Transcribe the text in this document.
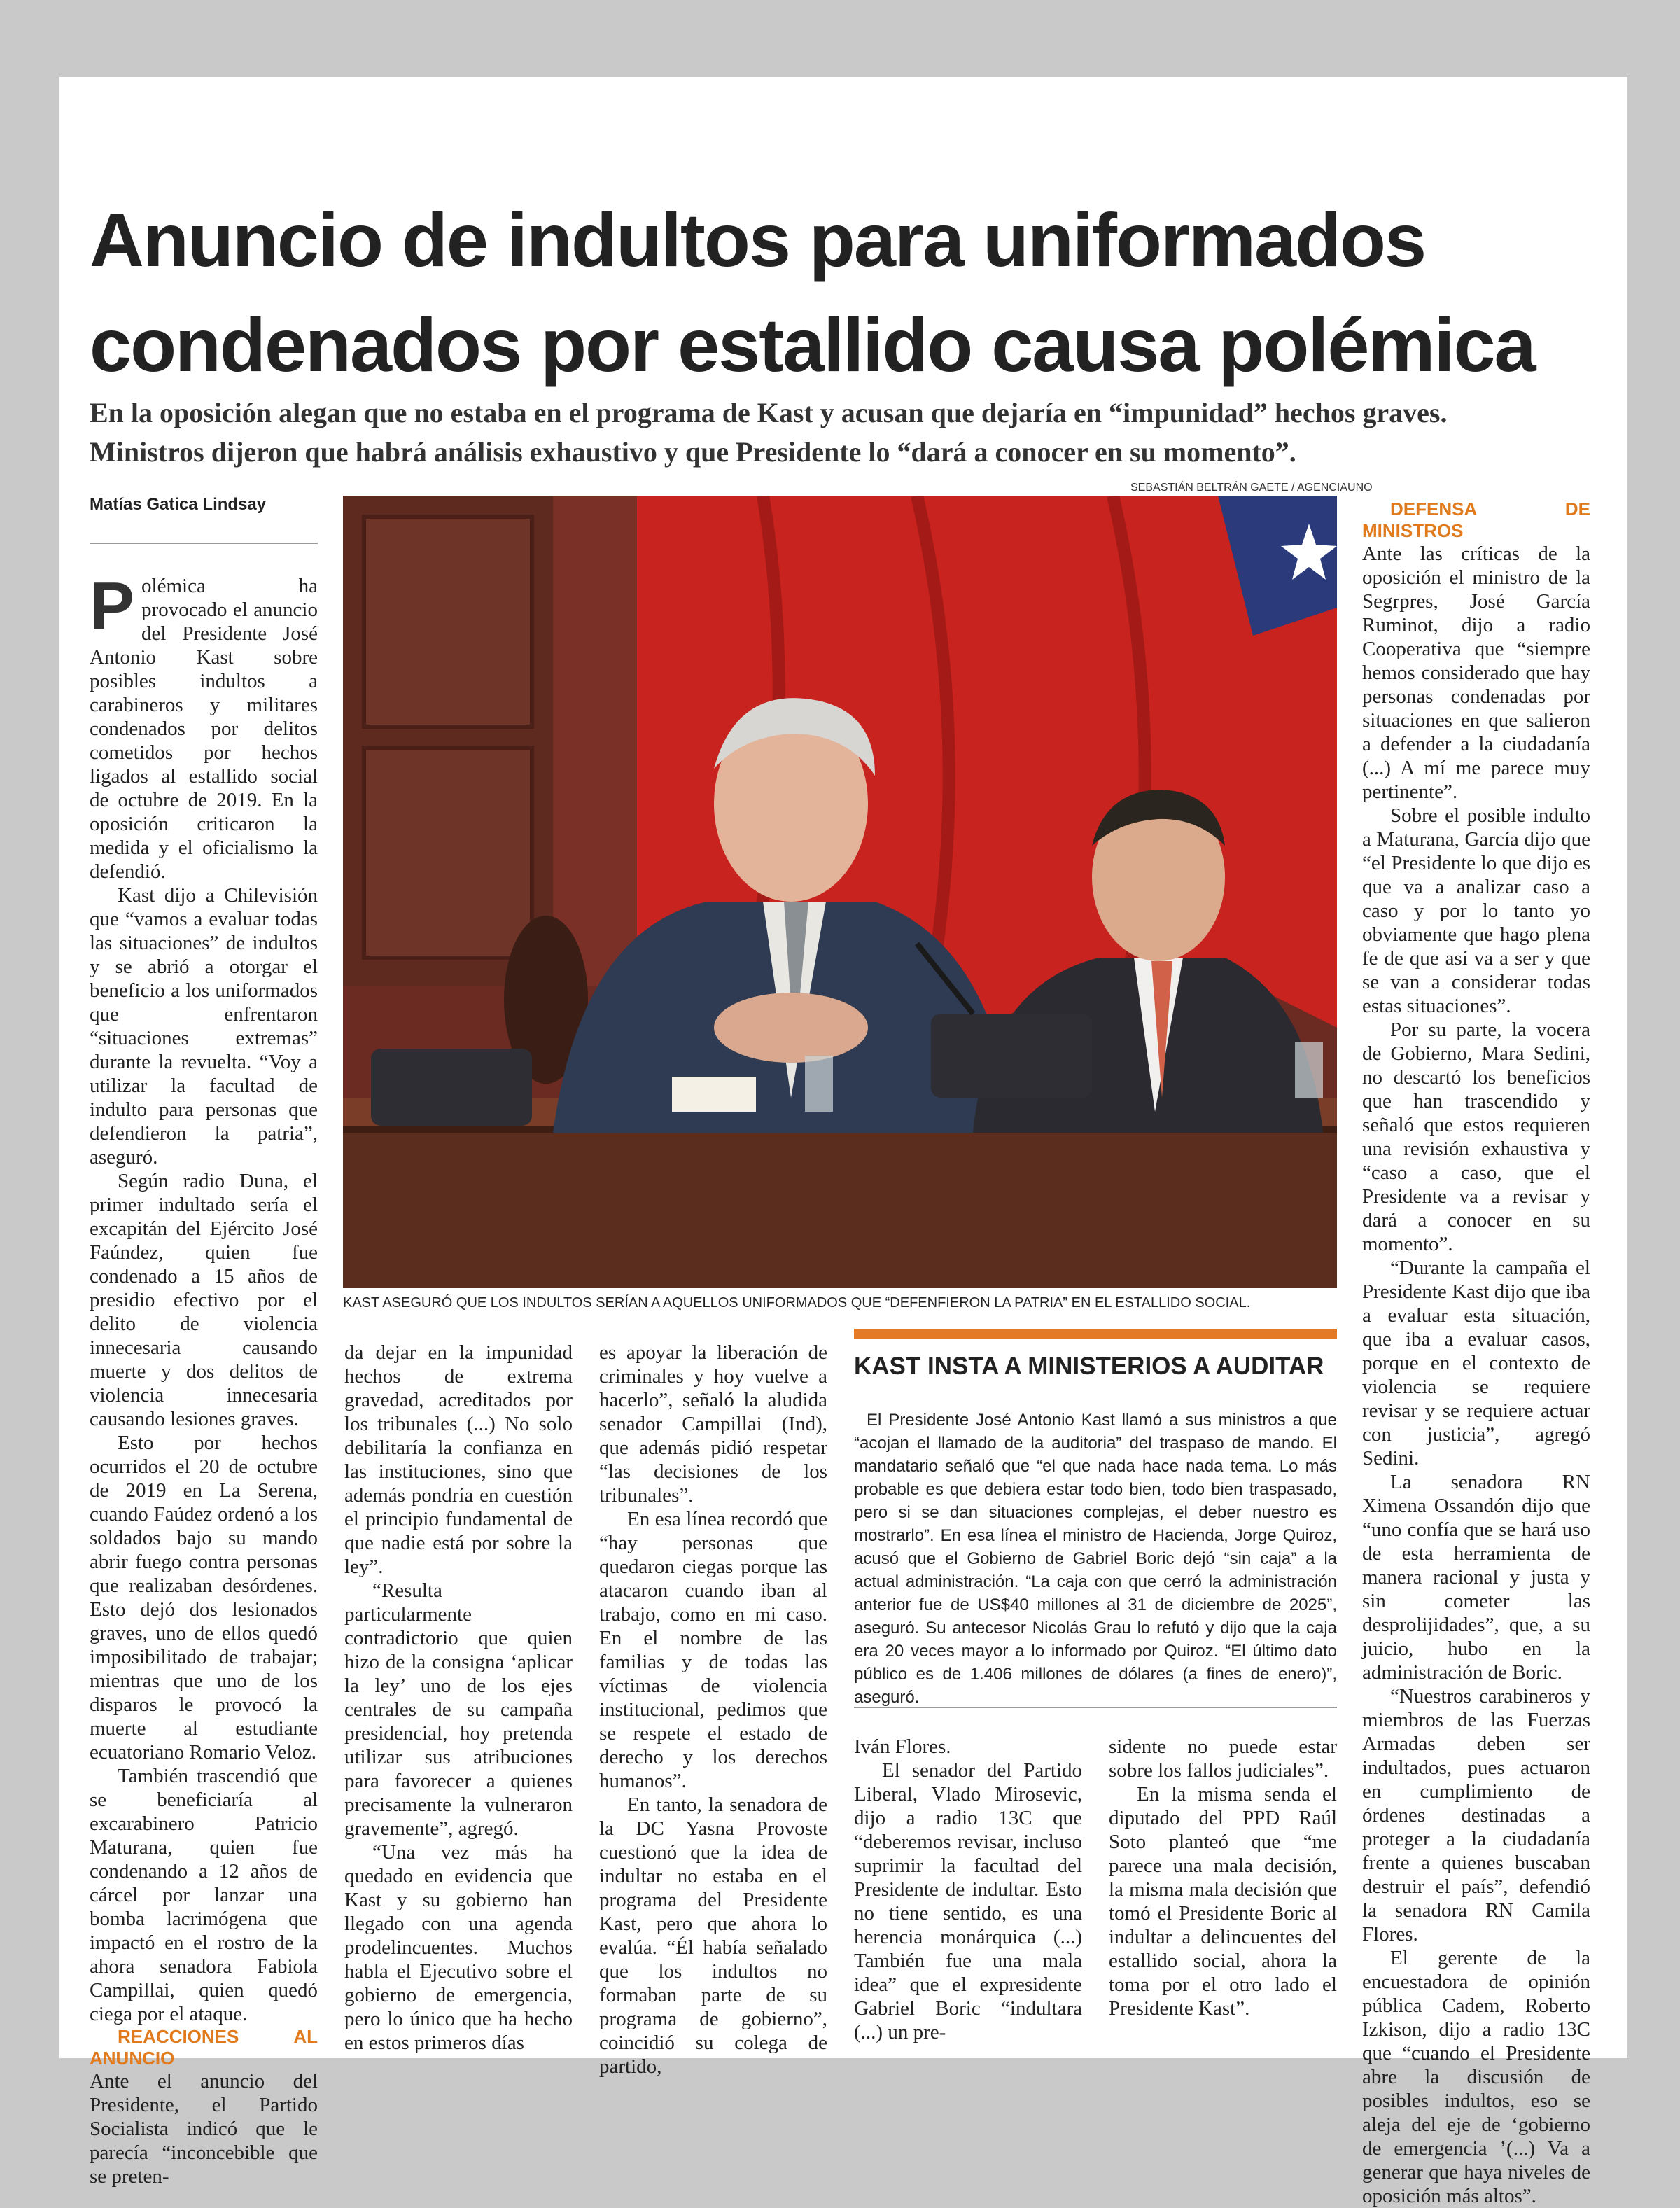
Anuncio de indultos para uniformados
condenados por estallido causa polémica
En la oposición alegan que no estaba en el programa de Kast y acusan que dejaría en “impunidad” hechos graves.
Ministros dijeron que habrá análisis exhaustivo y que Presidente lo “dará a conocer en su momento”.
Matías Gatica Lindsay
SEBASTIÁN BELTRÁN GAETE / AGENCIAUNO
KAST ASEGURÓ QUE LOS INDULTOS SERÍAN A AQUELLOS UNIFORMADOS QUE “DEFENFIERON LA PATRIA” EN EL ESTALLIDO SOCIAL.

Polémica ha provocado el anuncio del Presidente José Antonio Kast sobre posibles indultos a carabineros y militares condenados por delitos cometidos por hechos ligados al estallido social de octubre de 2019. En la oposición criticaron la medida y el oficialismo la defendió.

Kast dijo a Chilevisión que “vamos a evaluar todas las situaciones” de indultos y se abrió a otorgar el beneficio a los uniformados que enfrentaron “situaciones extremas” durante la revuelta. “Voy a utilizar la facultad de indulto para personas que defendieron la patria”, aseguró.

Según radio Duna, el primer indultado sería el excapitán del Ejército José Faúndez, quien fue condenado a 15 años de presidio efectivo por el delito de violencia innecesaria causando muerte y dos delitos de violencia innecesaria causando lesiones graves.

Esto por hechos ocurridos el 20 de octubre de 2019 en La Serena, cuando Faúdez ordenó a los soldados bajo su mando abrir fuego contra personas que realizaban desórdenes. Esto dejó dos lesionados graves, uno de ellos quedó imposibilitado de trabajar; mientras que uno de los disparos le provocó la muerte al estudiante ecuatoriano Romario Veloz.

También trascendió que se beneficiaría al excarabinero Patricio Maturana, quien fue condenando a 12 años de cárcel por lanzar una bomba lacrimógena que impactó en el rostro de la ahora senadora Fabiola Campillai, quien quedó ciega por el ataque.

REACCIONES AL ANUNCIO

Ante el anuncio del Presidente, el Partido Socialista indicó que le parecía “inconcebible que se preten-

da dejar en la impunidad hechos de extrema gravedad, acreditados por los tribunales (...) No solo debilitaría la confianza en las instituciones, sino que además pondría en cuestión el principio fundamental de que nadie está por sobre la ley”.

“Resulta particularmente contradictorio que quien hizo de la consigna ‘aplicar la ley’ uno de los ejes centrales de su campaña presidencial, hoy pretenda utilizar sus atribuciones para favorecer a quienes precisamente la vulneraron gravemente”, agregó.

“Una vez más ha quedado en evidencia que Kast y su gobierno han llegado con una agenda prodelincuentes. Muchos habla el Ejecutivo sobre el gobierno de emergencia, pero lo único que ha hecho en estos primeros días

es apoyar la liberación de criminales y hoy vuelve a hacerlo”, señaló la aludida senador Campillai (Ind), que además pidió respetar “las decisiones de los tribunales”.

En esa línea recordó que “hay personas que quedaron ciegas porque las atacaron cuando iban al trabajo, como en mi caso. En el nombre de las familias y de todas las víctimas de violencia institucional, pedimos que se respete el estado de derecho y los derechos humanos”.

En tanto, la senadora de la DC Yasna Provoste cuestionó que la idea de indultar no estaba en el programa del Presidente Kast, pero que ahora lo evalúa. “Él había señalado que los indultos no formaban parte de su programa de gobierno”, coincidió su colega de partido,

KAST INSTA A MINISTERIOS A AUDITAR

El Presidente José Antonio Kast llamó a sus ministros a que “acojan el llamado de la auditoria” del traspaso de mando. El mandatario señaló que “el que nada hace nada tema. Lo más probable es que debiera estar todo bien, todo bien traspasado, pero si se dan situaciones complejas, el deber nuestro es mostrarlo”. En esa línea el ministro de Hacienda, Jorge Quiroz, acusó que el Gobierno de Gabriel Boric dejó “sin caja” a la actual administración. “La caja con que cerró la administración anterior fue de US$40 millones al 31 de diciembre de 2025”, aseguró. Su antecesor Nicolás Grau lo refutó y dijo que la caja era 20 veces mayor a lo informado por Quiroz. “El último dato público es de 1.406 millones de dólares (a fines de enero)”, aseguró.

Iván Flores.

El senador del Partido Liberal, Vlado Mirosevic, dijo a radio 13C que “deberemos revisar, incluso suprimir la facultad del Presidente de indultar. Esto no tiene sentido, es una herencia monárquica (...) También fue una mala idea” que el expresidente Gabriel Boric “indultara (...) un pre-

sidente no puede estar sobre los fallos judiciales”.

En la misma senda el diputado del PPD Raúl Soto planteó que “me parece una mala decisión, la misma mala decisión que tomó el Presidente Boric al indultar a delincuentes del estallido social, ahora la toma por el otro lado el Presidente Kast”.

DEFENSA DE MINISTROS

Ante las críticas de la oposición el ministro de la Segrpres, José García Ruminot, dijo a radio Cooperativa que “siempre hemos considerado que hay personas condenadas por situaciones en que salieron a defender a la ciudadanía (...) A mí me parece muy pertinente”.

Sobre el posible indulto a Maturana, García dijo que “el Presidente lo que dijo es que va a analizar caso a caso y por lo tanto yo obviamente que hago plena fe de que así va a ser y que se van a considerar todas estas situaciones”.

Por su parte, la vocera de Gobierno, Mara Sedini, no descartó los beneficios que han trascendido y señaló que estos requieren una revisión exhaustiva y “caso a caso, que el Presidente va a revisar y dará a conocer en su momento”.

“Durante la campaña el Presidente Kast dijo que iba a evaluar esta situación, que iba a evaluar casos, porque en el contexto de violencia se requiere revisar y se requiere actuar con justicia”, agregó Sedini.

La senadora RN Ximena Ossandón dijo que “uno confía que se hará uso de esta herramienta de manera racional y justa y sin cometer las desprolijidades”, que, a su juicio, hubo en la administración de Boric.

“Nuestros carabineros y miembros de las Fuerzas Armadas deben ser indultados, pues actuaron en cumplimiento de órdenes destinadas a proteger a la ciudadanía frente a quienes buscaban destruir el país”, defendió la senadora RN Camila Flores.

El gerente de la encuestadora de opinión pública Cadem, Roberto Izkison, dijo a radio 13C que “cuando el Presidente abre la discusión de posibles indultos, eso se aleja del eje de ‘gobierno de emergencia ’(...) Va a generar que haya niveles de oposición más altos”.
